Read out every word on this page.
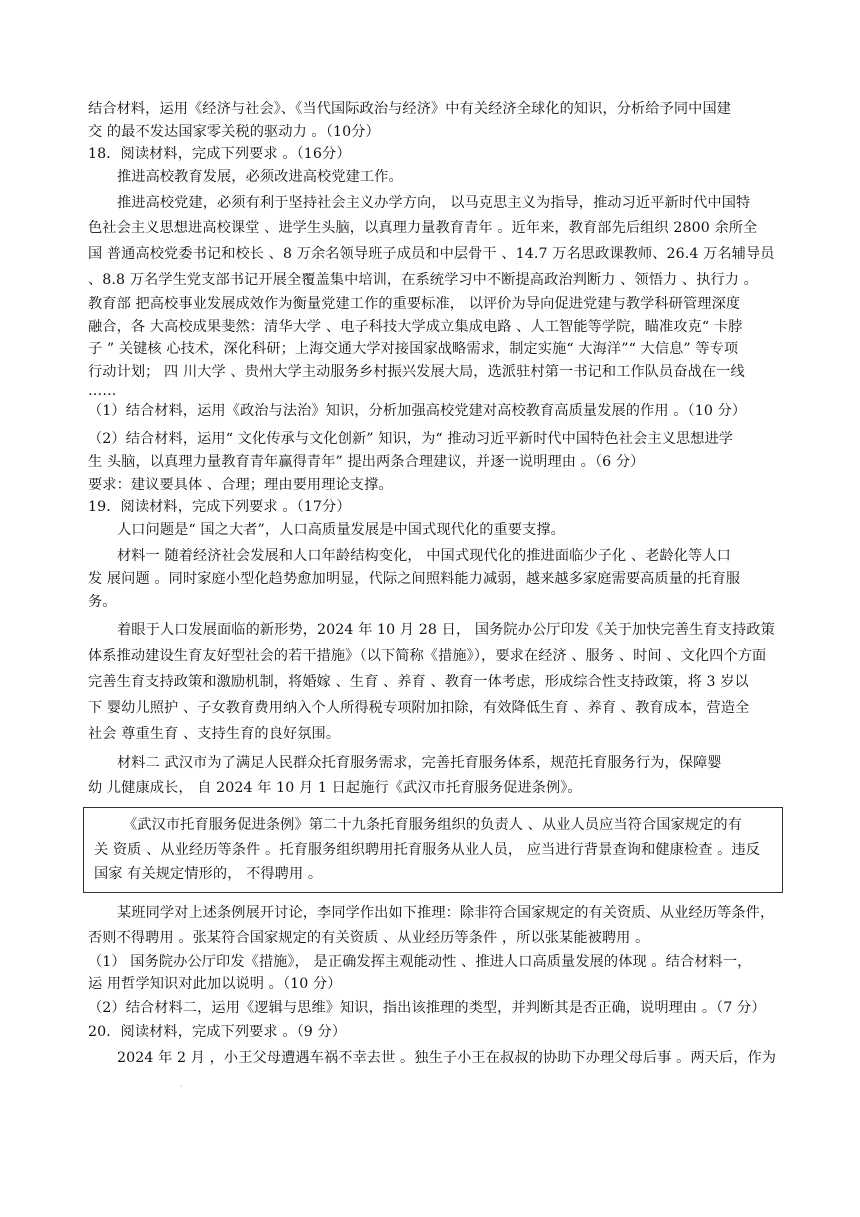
结合材料，运用《经济与社会》、《当代国际政治与经济》中有关经济全球化的知识，分析给予同中国建
交 的最不发达国家零关税的驱动力 。（10分）
18．阅读材料，完成下列要求 。（16分）
推进高校教育发展，必须改进高校党建工作。
推进高校党建，必须有利于坚持社会主义办学方向， 以马克思主义为指导，推动习近平新时代中国特
色社会主义思想进高校课堂 、进学生头脑，以真理力量教育青年 。近年来，教育部先后组织 2800 余所全
国 普通高校党委书记和校长 、8 万余名领导班子成员和中层骨干 、14.7 万名思政课教师、26.4 万名辅导员
、8.8 万名学生党支部书记开展全覆盖集中培训，在系统学习中不断提高政治判断力 、领悟力 、执行力 。
教育部 把高校事业发展成效作为衡量党建工作的重要标准， 以评价为导向促进党建与教学科研管理深度
融合，各 大高校成果斐然：清华大学 、电子科技大学成立集成电路 、人工智能等学院，瞄准攻克“ 卡脖
子 ” 关键核 心技术，深化科研；上海交通大学对接国家战略需求，制定实施“ 大海洋”“ 大信息” 等专项
行动计划； 四 川大学 、贵州大学主动服务乡村振兴发展大局，选派驻村第一书记和工作队员奋战在一线
……
（1）结合材料，运用《政治与法治》知识，分析加强高校党建对高校教育高质量发展的作用 。（10 分）
（2）结合材料，运用“ 文化传承与文化创新” 知识，为“ 推动习近平新时代中国特色社会主义思想进学
生 头脑，以真理力量教育青年赢得青年” 提出两条合理建议，并逐一说明理由 。（6 分）
要求：建议要具体 、合理；理由要用理论支撑。
19．阅读材料，完成下列要求 。（17分）
人口问题是“ 国之大者”，人口高质量发展是中国式现代化的重要支撑。
材料一 随着经济社会发展和人口年龄结构变化， 中国式现代化的推进面临少子化 、老龄化等人口
发 展问题 。同时家庭小型化趋势愈加明显，代际之间照料能力减弱，越来越多家庭需要高质量的托育服
务。
着眼于人口发展面临的新形势，2024 年 10 月 28 日， 国务院办公厅印发《关于加快完善生育支持政策
体系推动建设生育友好型社会的若干措施》（以下简称《措施》），要求在经济 、服务 、时间 、文化四个方面
完善生育支持政策和激励机制，将婚嫁 、生育 、养育 、教育一体考虑，形成综合性支持政策，将 3 岁以
下 婴幼儿照护 、子女教育费用纳入个人所得税专项附加扣除，有效降低生育 、养育 、教育成本，营造全
社会 尊重生育 、支持生育的良好氛围。
材料二 武汉市为了满足人民群众托育服务需求，完善托育服务体系，规范托育服务行为，保障婴
幼 儿健康成长， 自 2024 年 10 月 1 日起施行《武汉市托育服务促进条例》。
《武汉市托育服务促进条例》第二十九条托育服务组织的负责人 、从业人员应当符合国家规定的有
关 资质 、从业经历等条件 。托育服务组织聘用托育服务从业人员， 应当进行背景查询和健康检查 。违反
国家 有关规定情形的， 不得聘用 。
某班同学对上述条例展开讨论，李同学作出如下推理：除非符合国家规定的有关资质、从业经历等条件，
否则不得聘用 。张某符合国家规定的有关资质 、从业经历等条件 ，所以张某能被聘用 。
（1） 国务院办公厅印发《措施》， 是正确发挥主观能动性 、推进人口高质量发展的体现 。结合材料一，
运 用哲学知识对此加以说明 。（10 分）
（2）结合材料二，运用《逻辑与思维》知识，指出该推理的类型，并判断其是否正确，说明理由 。（7 分）
20．阅读材料，完成下列要求 。（9 分）
2024 年 2 月 ，小王父母遭遇车祸不幸去世 。独生子小王在叔叔的协助下办理父母后事 。两天后，作为
·
